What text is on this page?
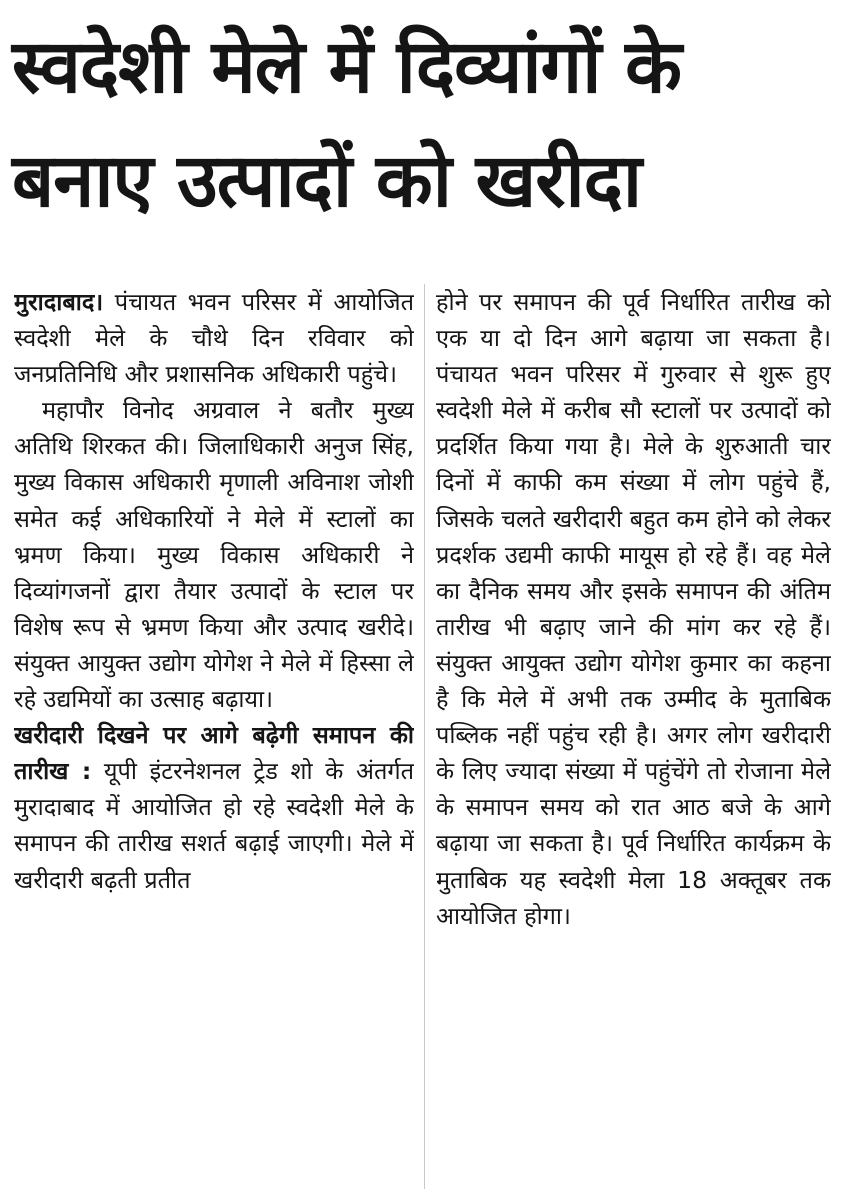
स्वदेशी मेले में दिव्यांगों के बनाए उत्पादों को खरीदा

मुरादाबाद। पंचायत भवन परिसर में आयोजित स्वदेशी मेले के चौथे दिन रविवार को जनप्रतिनिधि और प्रशासनिक अधिकारी पहुंचे।

महापौर विनोद अग्रवाल ने बतौर मुख्य अतिथि शिरकत की। जिलाधिकारी अनुज सिंह, मुख्य विकास अधिकारी मृणाली अविनाश जोशी समेत कई अधिकारियों ने मेले में स्टालों का भ्रमण किया। मुख्य विकास अधिकारी ने दिव्यांगजनों द्वारा तैयार उत्पादों के स्टाल पर विशेष रूप से भ्रमण किया और उत्पाद खरीदे। संयुक्त आयुक्त उद्योग योगेश ने मेले में हिस्सा ले रहे उद्यमियों का उत्साह बढ़ाया।

खरीदारी दिखने पर आगे बढ़ेगी समापन की तारीख : यूपी इंटरनेशनल ट्रेड शो के अंतर्गत मुरादाबाद में आयोजित हो रहे स्वदेशी मेले के समापन की तारीख सशर्त बढ़ाई जाएगी। मेले में खरीदारी बढ़ती प्रतीत

होने पर समापन की पूर्व निर्धारित तारीख को एक या दो दिन आगे बढ़ाया जा सकता है। पंचायत भवन परिसर में गुरुवार से शुरू हुए स्वदेशी मेले में करीब सौ स्टालों पर उत्पादों को प्रदर्शित किया गया है। मेले के शुरुआती चार दिनों में काफी कम संख्या में लोग पहुंचे हैं, जिसके चलते खरीदारी बहुत कम होने को लेकर प्रदर्शक उद्यमी काफी मायूस हो रहे हैं। वह मेले का दैनिक समय और इसके समापन की अंतिम तारीख भी बढ़ाए जाने की मांग कर रहे हैं। संयुक्त आयुक्त उद्योग योगेश कुमार का कहना है कि मेले में अभी तक उम्मीद के मुताबिक पब्लिक नहीं पहुंच रही है। अगर लोग खरीदारी के लिए ज्यादा संख्या में पहुंचेंगे तो रोजाना मेले के समापन समय को रात आठ बजे के आगे बढ़ाया जा सकता है। पूर्व निर्धारित कार्यक्रम के मुताबिक यह स्वदेशी मेला 18 अक्तूबर तक आयोजित होगा।
